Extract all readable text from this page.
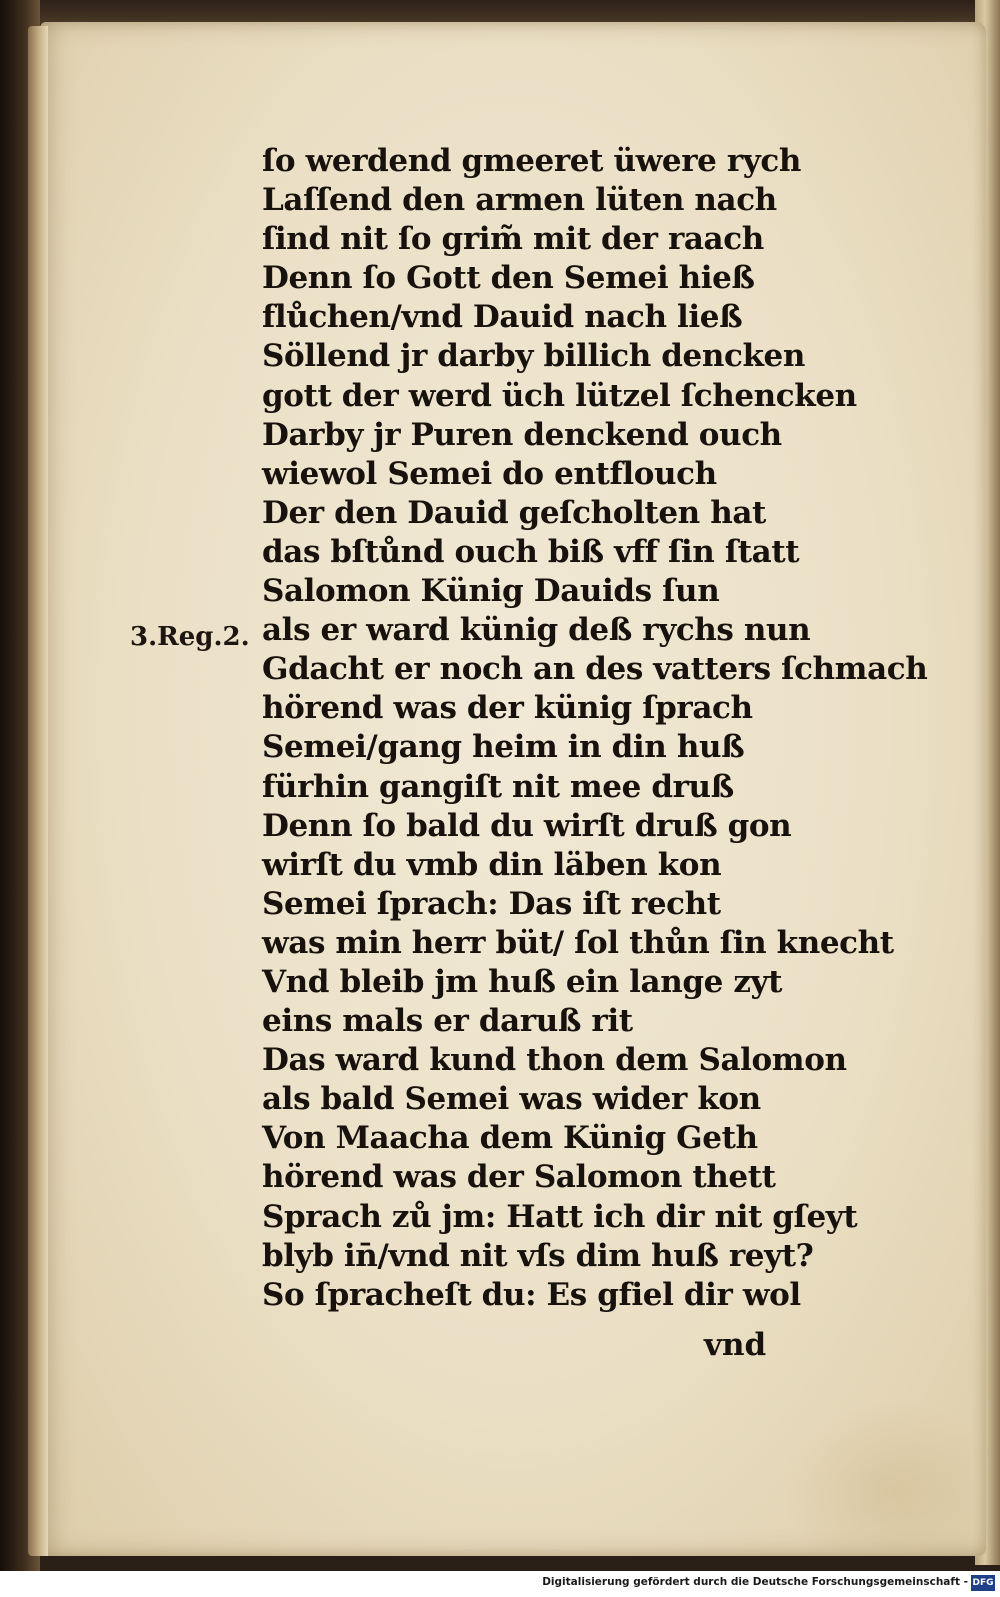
3.Reg.2.
ſo werdend gmeeret üwere rych
Laſſend den armen lüten nach
ſind nit ſo grim̃ mit der raach
Denn ſo Gott den Semei hieß
flůchen/vnd Dauid nach ließ
Söllend jr darby billich dencken
gott der werd üch lützel ſchencken
Darby jr Puren denckend ouch
wiewol Semei do entflouch
Der den Dauid geſcholten hat
das bſtůnd ouch biß vff ſin ſtatt
Salomon Künig Dauids ſun
als er ward künig deß rychs nun
Gdacht er noch an des vatters ſchmach
hörend was der künig ſprach
Semei/gang heim in din huß
fürhin gangiſt nit mee druß
Denn ſo bald du wirſt druß gon
wirſt du vmb din läben kon
Semei ſprach: Das iſt recht
was min herr büt/ ſol thůn ſin knecht
Vnd bleib jm huß ein lange zyt
eins mals er daruß rit
Das ward kund thon dem Salomon
als bald Semei was wider kon
Von Maacha dem Künig Geth
hörend was der Salomon thett
Sprach zů jm: Hatt ich dir nit gſeyt
blyb in̄/vnd nit vſs dim huß reyt?
So ſpracheſt du: Es gfiel dir wol
vnd
Digitalisierung gefördert durch die Deutsche Forschungsgemeinschaft - DFG
